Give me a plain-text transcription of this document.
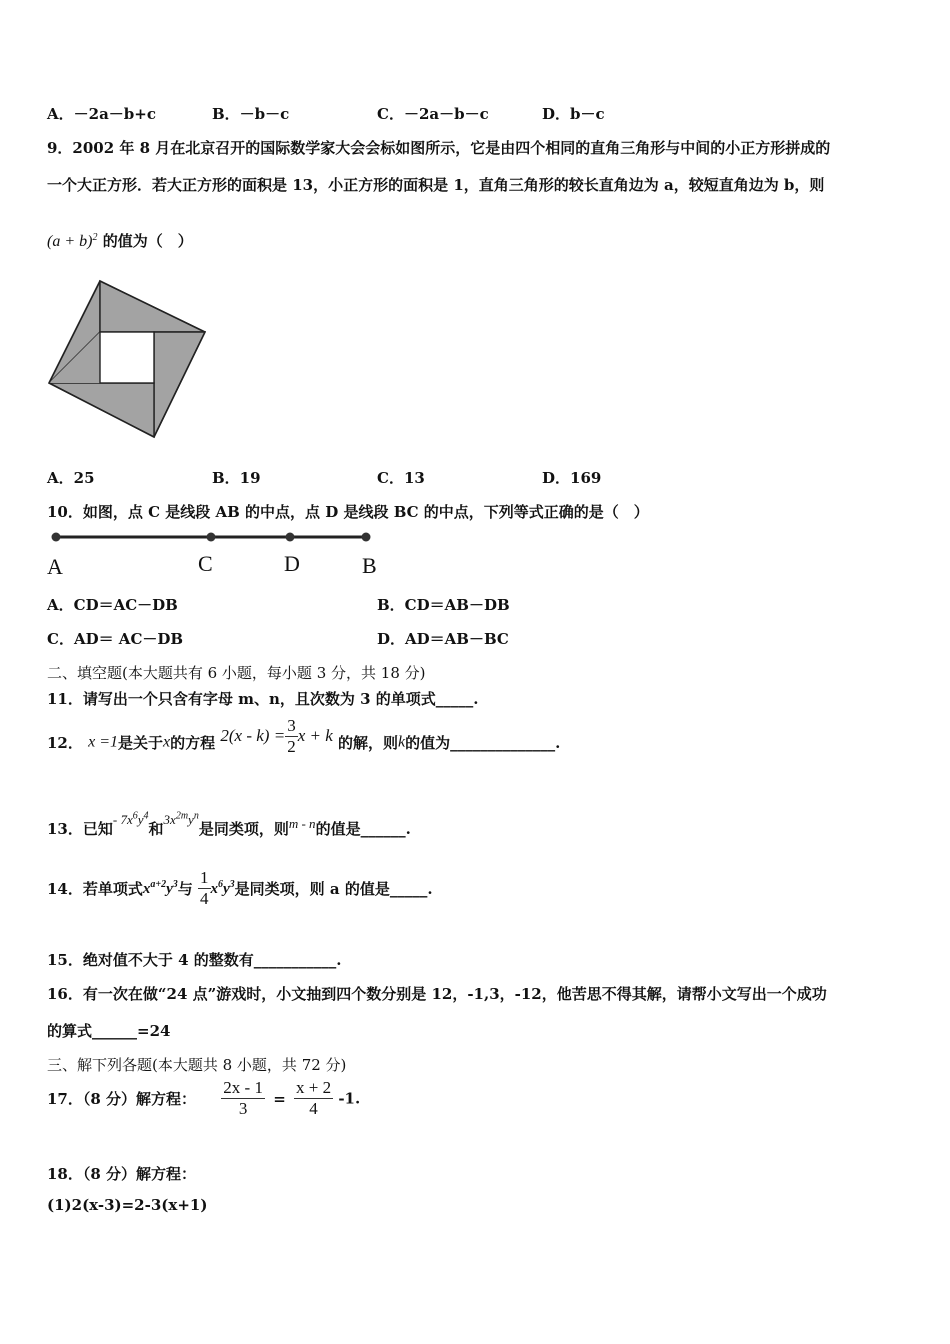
A．－2a－b+c	B．－b－c	C．－2a－b－c	D．b－c
9．2002 年 8 月在北京召开的国际数学家大会会标如图所示，它是由四个相同的直角三角形与中间的小正方形拼成的
一个大正方形．若大正方形的面积是 13，小正方形的面积是 1，直角三角形的较长直角边为 a，较短直角边为 b，则
$(a + b)^2$ 的值为（　）
A．25	B．19	C．13	D．169
10．如图，点 C 是线段 AB 的中点，点 D 是线段 BC 的中点，下列等式正确的是（　）
A	C	D	B
A．CD＝AC－DB	B．CD＝AB－DB
C．AD＝ AC－DB	D．AD＝AB－BC
二、填空题(本大题共有 6 小题，每小题 3 分，共 18 分)
11．请写出一个只含有字母 m、n，且次数为 3 的单项式_____.
12． x =1是关于x的方程 $2(x - k) = \frac{3}{2}$ x + k 的解，则k的值为______________.
13．已知- $7x^6y^4$和$3x^{2m}y^n$是同类项，则m - n的值是______.
14．若单项式$x^{a+2}y^3$与 $\frac{1}{4} x^6y^3$是同类项，则 a 的值是_____.
15．绝对值不大于 4 的整数有___________.
16．有一次在做“24 点”游戏时，小文抽到四个数分别是 12，-1,3，-12，他苦思不得其解，请帮小文写出一个成功
的算式______=24
三、解下列各题(本大题共 8 小题，共 72 分)
17．（8 分）解方程： $\frac{2x - 1}{3} = \frac{x + 2}{4} -1$.
18．（8 分）解方程：
(1)2(x-3)=2-3(x+1)
